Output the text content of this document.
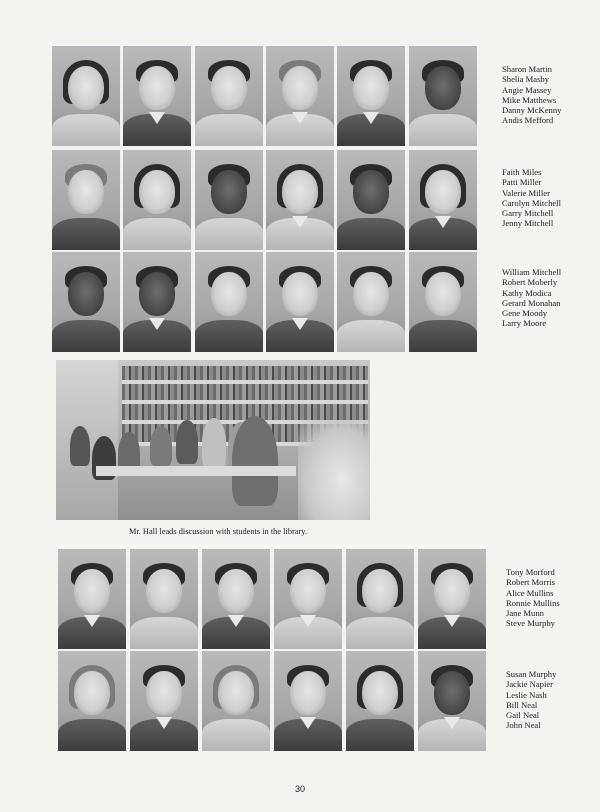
Sharon Martin
Shelia Masby
Angie Massey
Mike Matthews
Danny McKenny
Andis Mefford
Faith Miles
Patti Miller
Valerie Miller
Carolyn Mitchell
Garry Mitchell
Jenny Mitchell
William Mitchell
Robert Moberly
Kathy Modica
Gerard Monahan
Gene Moody
Larry Moore
Mr. Hall leads discussion with students in the library.
Tony Morford
Robert Morris
Alice Mullins
Ronnie Mullins
Jane Munn
Steve Murphy
Susan Murphy
Jackie Napier
Leslie Nash
Bill Neal
Gail Neal
John Neal
30
